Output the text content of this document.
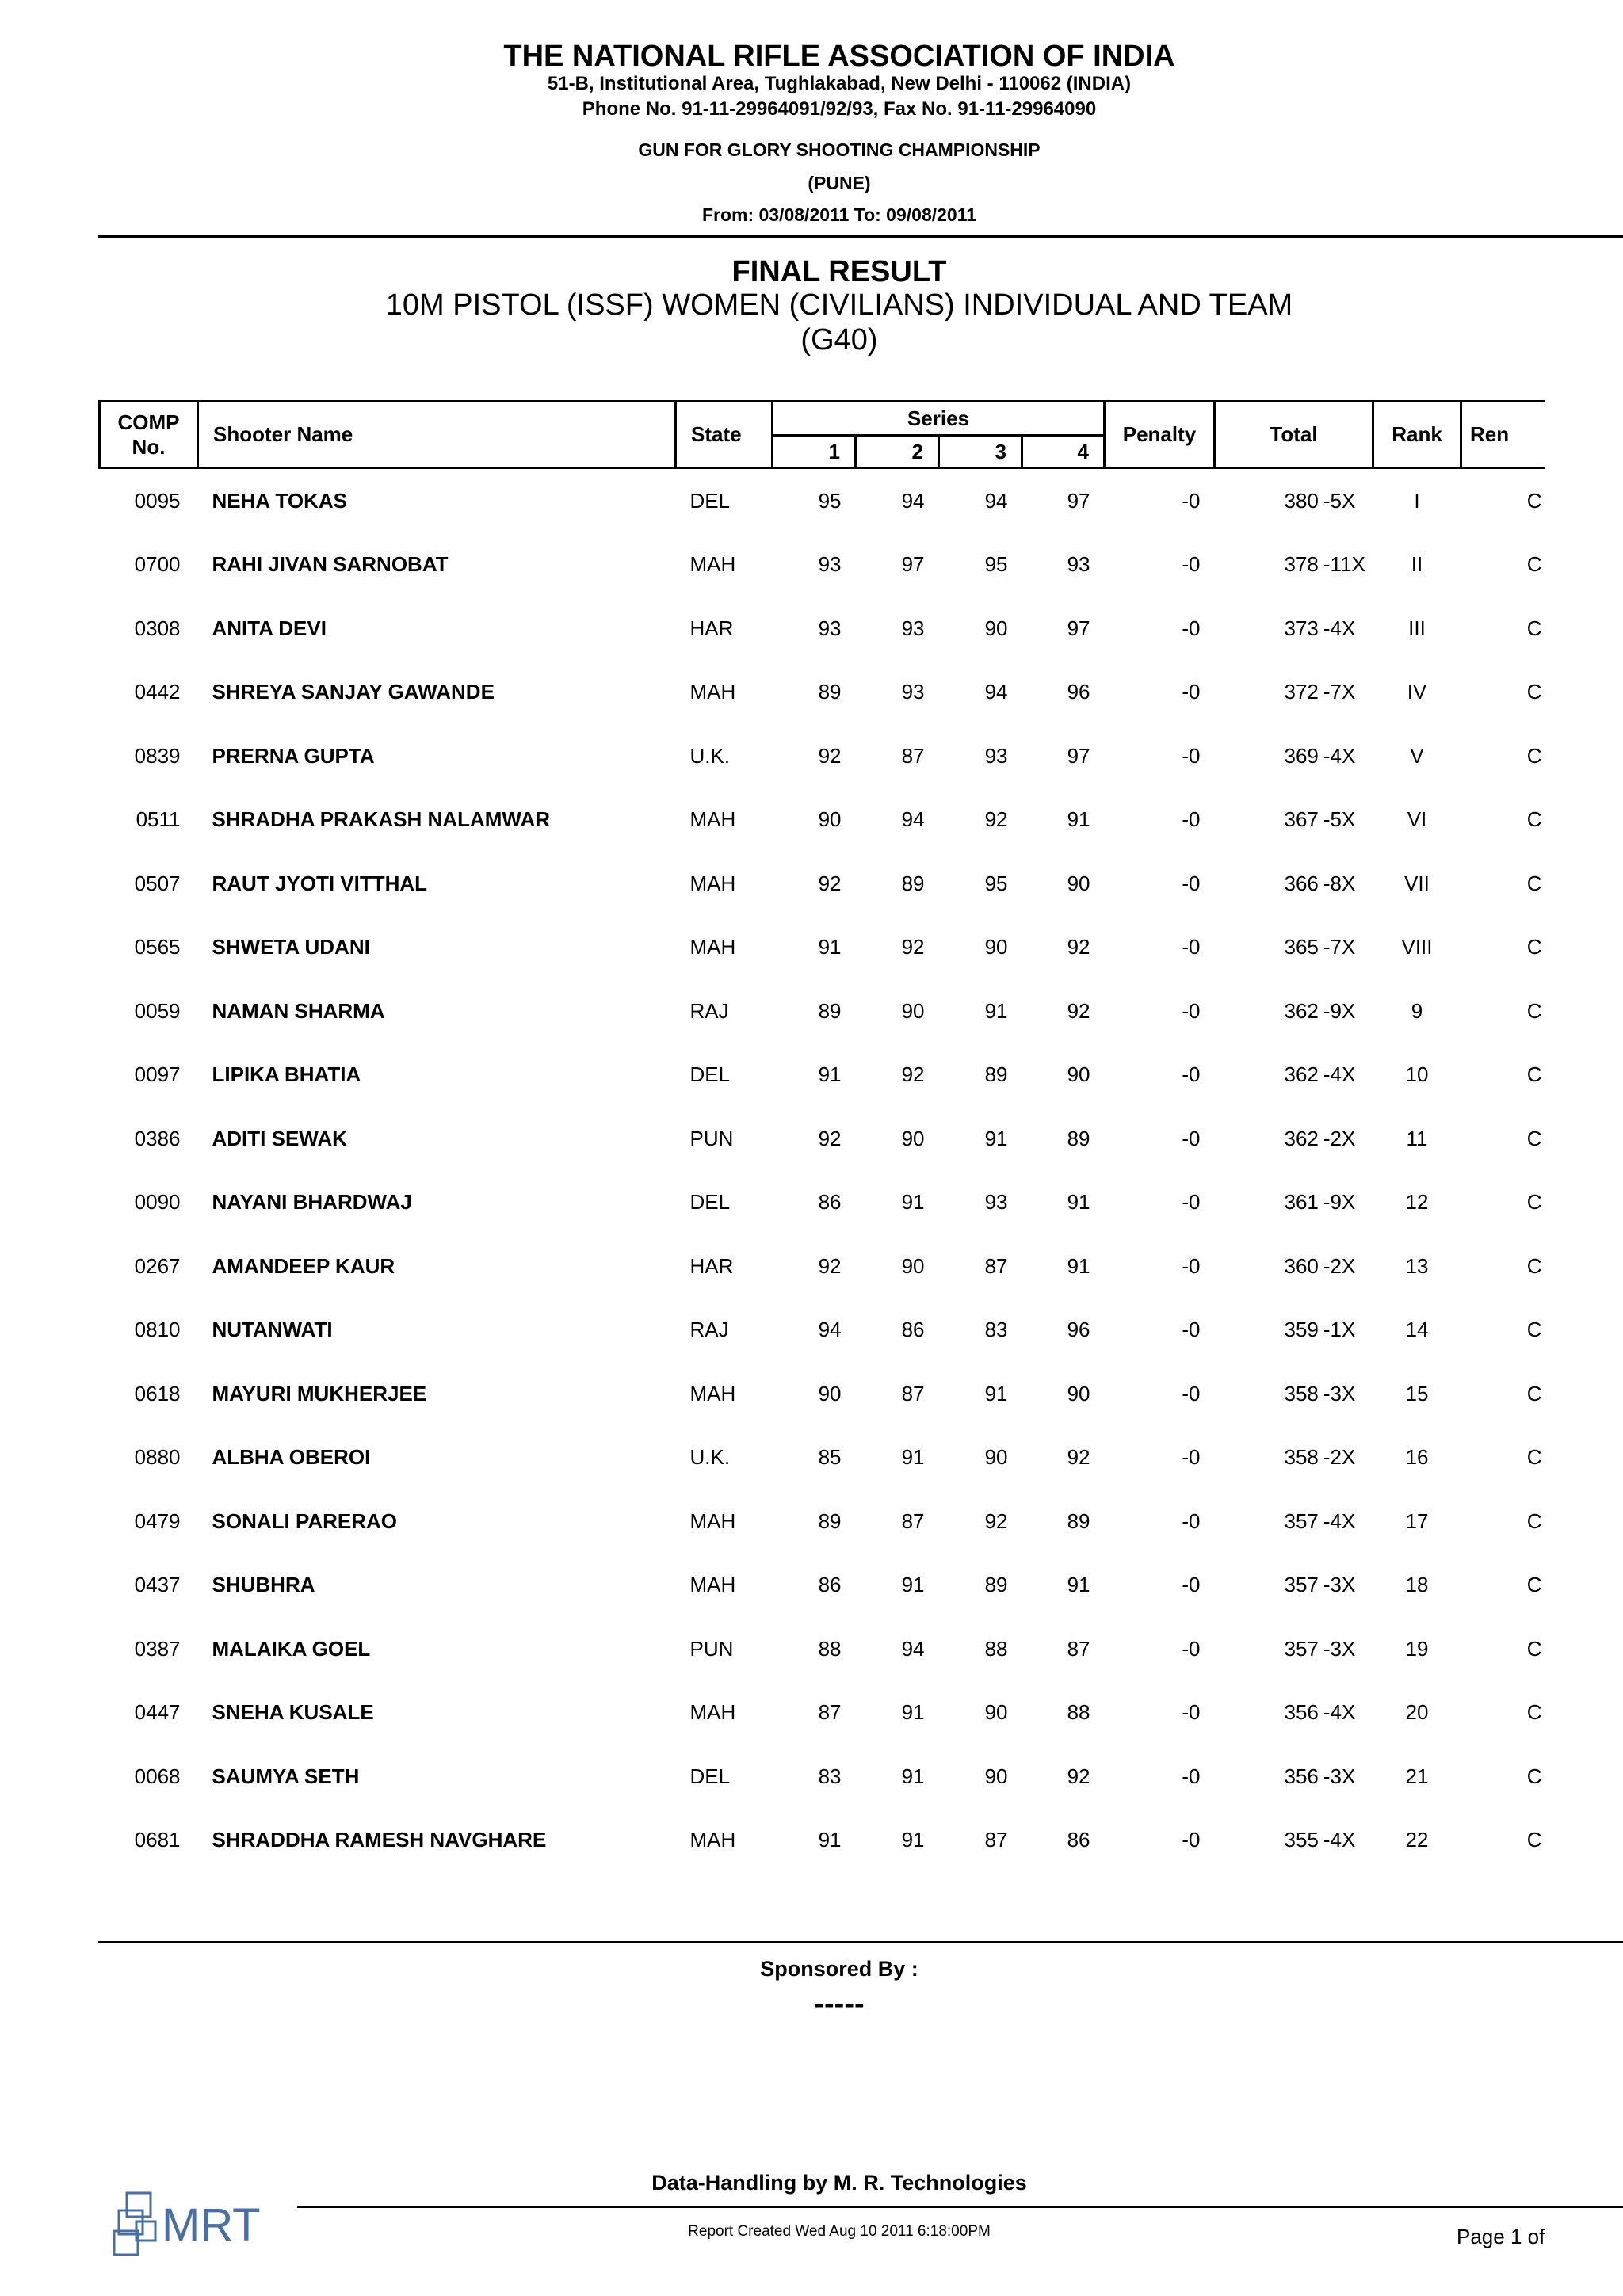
THE NATIONAL RIFLE ASSOCIATION OF INDIA
51-B, Institutional Area, Tughlakabad, New Delhi - 110062 (INDIA)
Phone No. 91-11-29964091/92/93, Fax No. 91-11-29964090
GUN FOR GLORY SHOOTING CHAMPIONSHIP
(PUNE)
From: 03/08/2011 To: 09/08/2011
FINAL RESULT
10M PISTOL (ISSF) WOMEN (CIVILIANS) INDIVIDUAL AND TEAM
(G40)
COMP
No.	Shooter Name	State	Series				Penalty	Total	Rank	Ren
			1	2	3	4				
0095	NEHA TOKAS	DEL	95	94	94	97	-0	380 -5X	I	C
0700	RAHI JIVAN SARNOBAT	MAH	93	97	95	93	-0	378 -11X	II	C
0308	ANITA DEVI	HAR	93	93	90	97	-0	373 -4X	III	C
0442	SHREYA SANJAY GAWANDE	MAH	89	93	94	96	-0	372 -7X	IV	C
0839	PRERNA GUPTA	U.K.	92	87	93	97	-0	369 -4X	V	C
0511	SHRADHA PRAKASH NALAMWAR	MAH	90	94	92	91	-0	367 -5X	VI	C
0507	RAUT JYOTI VITTHAL	MAH	92	89	95	90	-0	366 -8X	VII	C
0565	SHWETA UDANI	MAH	91	92	90	92	-0	365 -7X	VIII	C
0059	NAMAN SHARMA	RAJ	89	90	91	92	-0	362 -9X	9	C
0097	LIPIKA BHATIA	DEL	91	92	89	90	-0	362 -4X	10	C
0386	ADITI SEWAK	PUN	92	90	91	89	-0	362 -2X	11	C
0090	NAYANI BHARDWAJ	DEL	86	91	93	91	-0	361 -9X	12	C
0267	AMANDEEP KAUR	HAR	92	90	87	91	-0	360 -2X	13	C
0810	NUTANWATI	RAJ	94	86	83	96	-0	359 -1X	14	C
0618	MAYURI MUKHERJEE	MAH	90	87	91	90	-0	358 -3X	15	C
0880	ALBHA OBEROI	U.K.	85	91	90	92	-0	358 -2X	16	C
0479	SONALI PARERAO	MAH	89	87	92	89	-0	357 -4X	17	C
0437	SHUBHRA	MAH	86	91	89	91	-0	357 -3X	18	C
0387	MALAIKA GOEL	PUN	88	94	88	87	-0	357 -3X	19	C
0447	SNEHA KUSALE	MAH	87	91	90	88	-0	356 -4X	20	C
0068	SAUMYA SETH	DEL	83	91	90	92	-0	356 -3X	21	C
0681	SHRADDHA RAMESH NAVGHARE	MAH	91	91	87	86	-0	355 -4X	22	C
Sponsored By :
-----
MRT
Data-Handling by M. R. Technologies
Report Created Wed Aug 10 2011 6:18:00PM	Page 1 of
